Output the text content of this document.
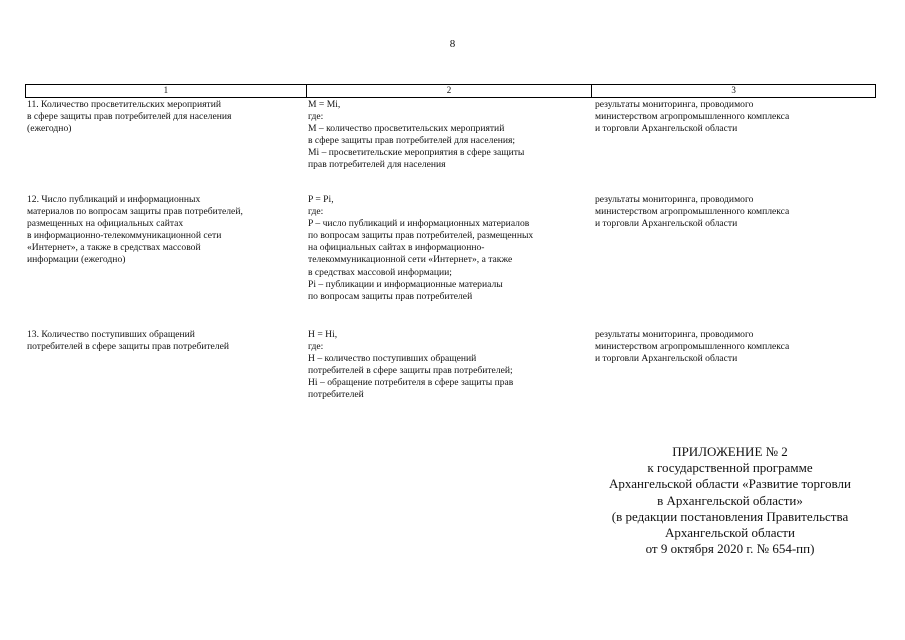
8
1	2	3
11. Количество просветительских мероприятий
в сфере защиты прав потребителей для населения
(ежегодно)
М = Мi,
где:
М – количество просветительских мероприятий
в сфере защиты прав потребителей для населения;
Мi – просветительские мероприятия в сфере защиты
прав потребителей для населения
результаты мониторинга, проводимого
министерством агропромышленного комплекса
и торговли Архангельской области
12. Число публикаций и информационных
материалов по вопросам защиты прав потребителей,
размещенных на официальных сайтах
в информационно-телекоммуникационной сети
«Интернет», а также в средствах массовой
информации (ежегодно)
P = Pi,
где:
P – число публикаций и информационных материалов
по вопросам защиты прав потребителей, размещенных
на официальных сайтах в информационно-
телекоммуникационной сети «Интернет», а также
в средствах массовой информации;
Pi – публикации и информационные материалы
по вопросам защиты прав потребителей
результаты мониторинга, проводимого
министерством агропромышленного комплекса
и торговли Архангельской области
13. Количество поступивших обращений
потребителей в сфере защиты прав потребителей
H = Hi,
где:
H – количество поступивших обращений
потребителей в сфере защиты прав потребителей;
Hi – обращение потребителя в сфере защиты прав
потребителей
результаты мониторинга, проводимого
министерством агропромышленного комплекса
и торговли Архангельской области
ПРИЛОЖЕНИЕ № 2
к государственной программе
Архангельской области «Развитие торговли
в Архангельской области»
(в редакции постановления Правительства
Архангельской области
от 9 октября 2020 г. № 654-пп)
